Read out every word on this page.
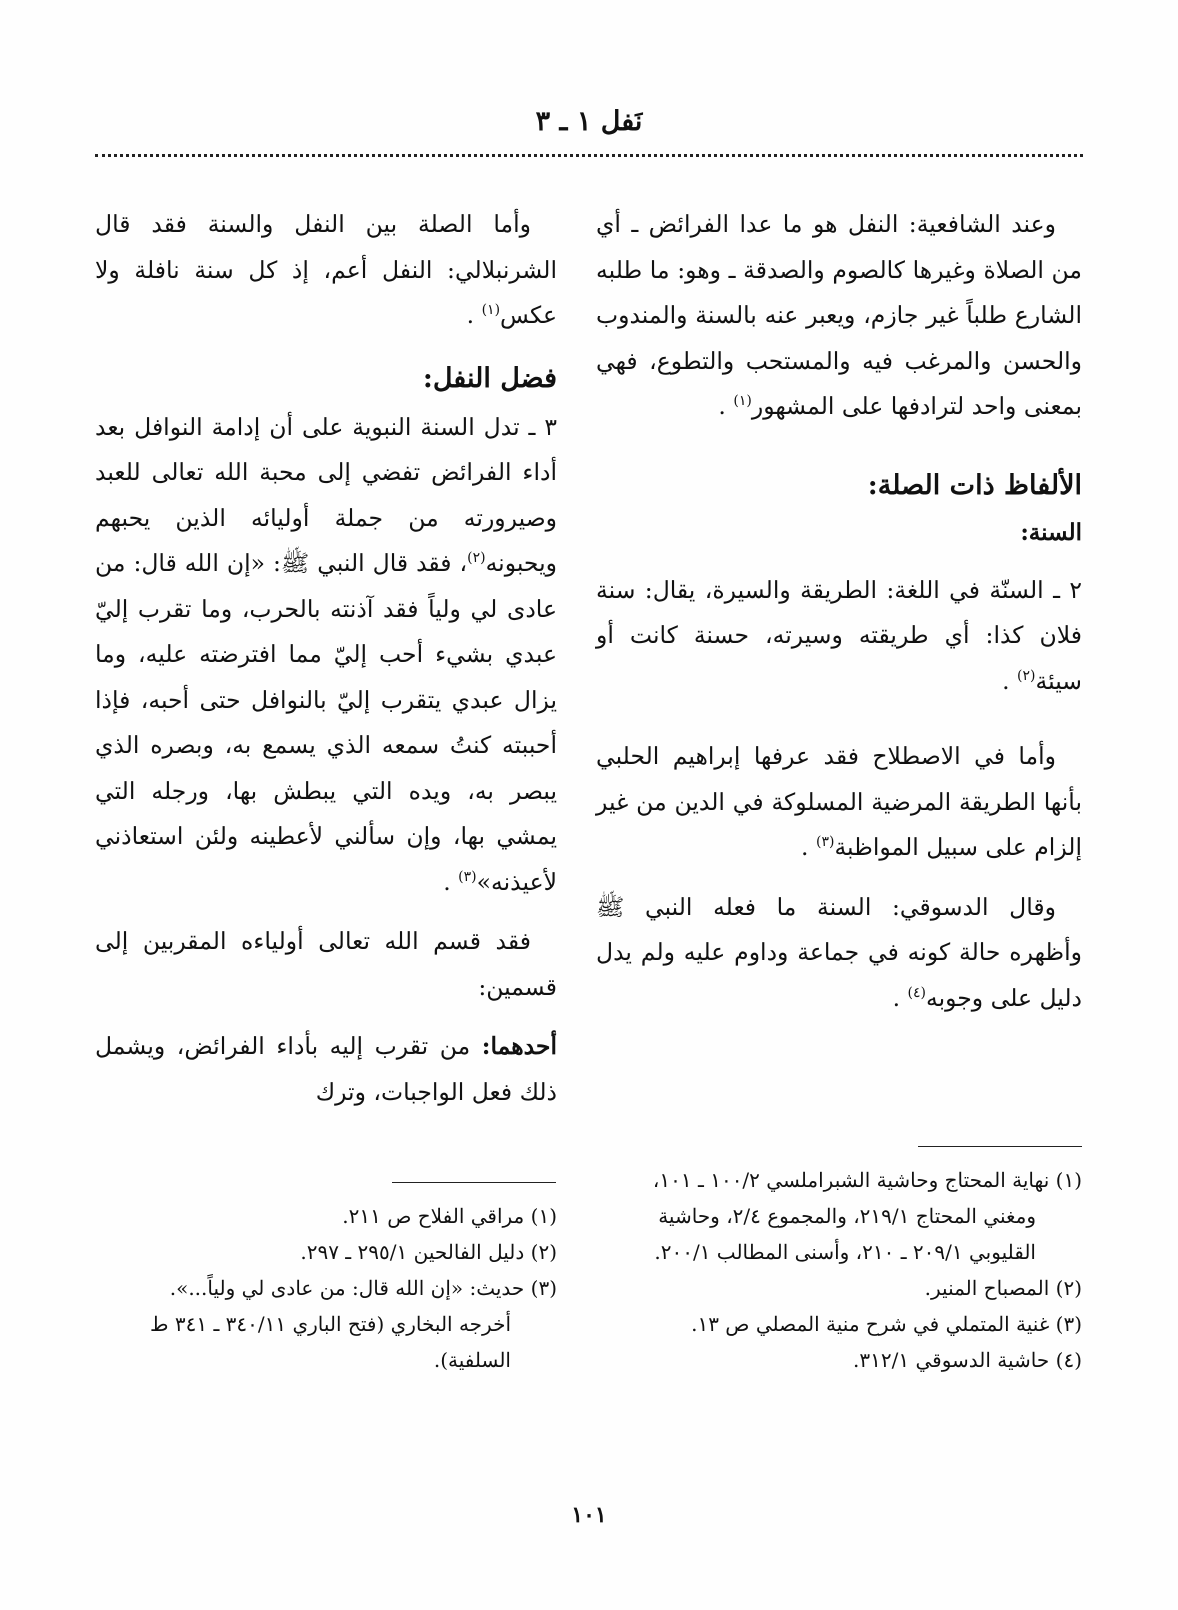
نَفل ١ ـ ٣

وعند الشافعية: النفل هو ما عدا الفرائض ـ أي من الصلاة وغيرها كالصوم والصدقة ـ وهو: ما طلبه الشارع طلباً غير جازم، ويعبر عنه بالسنة والمندوب والحسن والمرغب فيه والمستحب والتطوع، فهي بمعنى واحد لترادفها على المشهور$^{(١)}$ .

الألفاظ ذات الصلة:

السنة:

٢ ـ السنّة في اللغة: الطريقة والسيرة، يقال: سنة فلان كذا: أي طريقته وسيرته، حسنة كانت أو سيئة$^{(٢)}$ .

وأما في الاصطلاح فقد عرفها إبراهيم الحلبي بأنها الطريقة المرضية المسلوكة في الدين من غير إلزام على سبيل المواظبة$^{(٣)}$ .

وقال الدسوقي: السنة ما فعله النبي ﷺ وأظهره حالة كونه في جماعة وداوم عليه ولم يدل دليل على وجوبه$^{(٤)}$ .

وأما الصلة بين النفل والسنة فقد قال الشرنبلالي: النفل أعم، إذ كل سنة نافلة ولا عكس$^{(١)}$ .

فضل النفل:

٣ ـ تدل السنة النبوية على أن إدامة النوافل بعد أداء الفرائض تفضي إلى محبة الله تعالى للعبد وصيرورته من جملة أوليائه الذين يحبهم ويحبونه$^{(٢)}$، فقد قال النبي ﷺ: «إن الله قال: من عادى لي ولياً فقد آذنته بالحرب، وما تقرب إليّ عبدي بشيء أحب إليّ مما افترضته عليه، وما يزال عبدي يتقرب إليّ بالنوافل حتى أحبه، فإذا أحببته كنتُ سمعه الذي يسمع به، وبصره الذي يبصر به، ويده التي يبطش بها، ورجله التي يمشي بها، وإن سألني لأعطينه ولئن استعاذني لأعيذنه»$^{(٣)}$ .

فقد قسم الله تعالى أولياءه المقربين إلى قسمين:

أحدهما: من تقرب إليه بأداء الفرائض، ويشمل ذلك فعل الواجبات، وترك

(١) نهاية المحتاج وحاشية الشبراملسي ١٠٠/٢ ـ ١٠١، ومغني المحتاج ٢١٩/١، والمجموع ٢/٤، وحاشية القليوبي ٢٠٩/١ ـ ٢١٠، وأسنى المطالب ٢٠٠/١.

(٢) المصباح المنير.

(٣) غنية المتملي في شرح منية المصلي ص ١٣.

(٤) حاشية الدسوقي ٣١٢/١.

(١) مراقي الفلاح ص ٢١١.

(٢) دليل الفالحين ٢٩٥/١ ـ ٢٩٧.

(٣) حديث: «إن الله قال: من عادى لي ولياً...».

أخرجه البخاري (فتح الباري ٣٤٠/١١ ـ ٣٤١ ط السلفية).

١٠١
